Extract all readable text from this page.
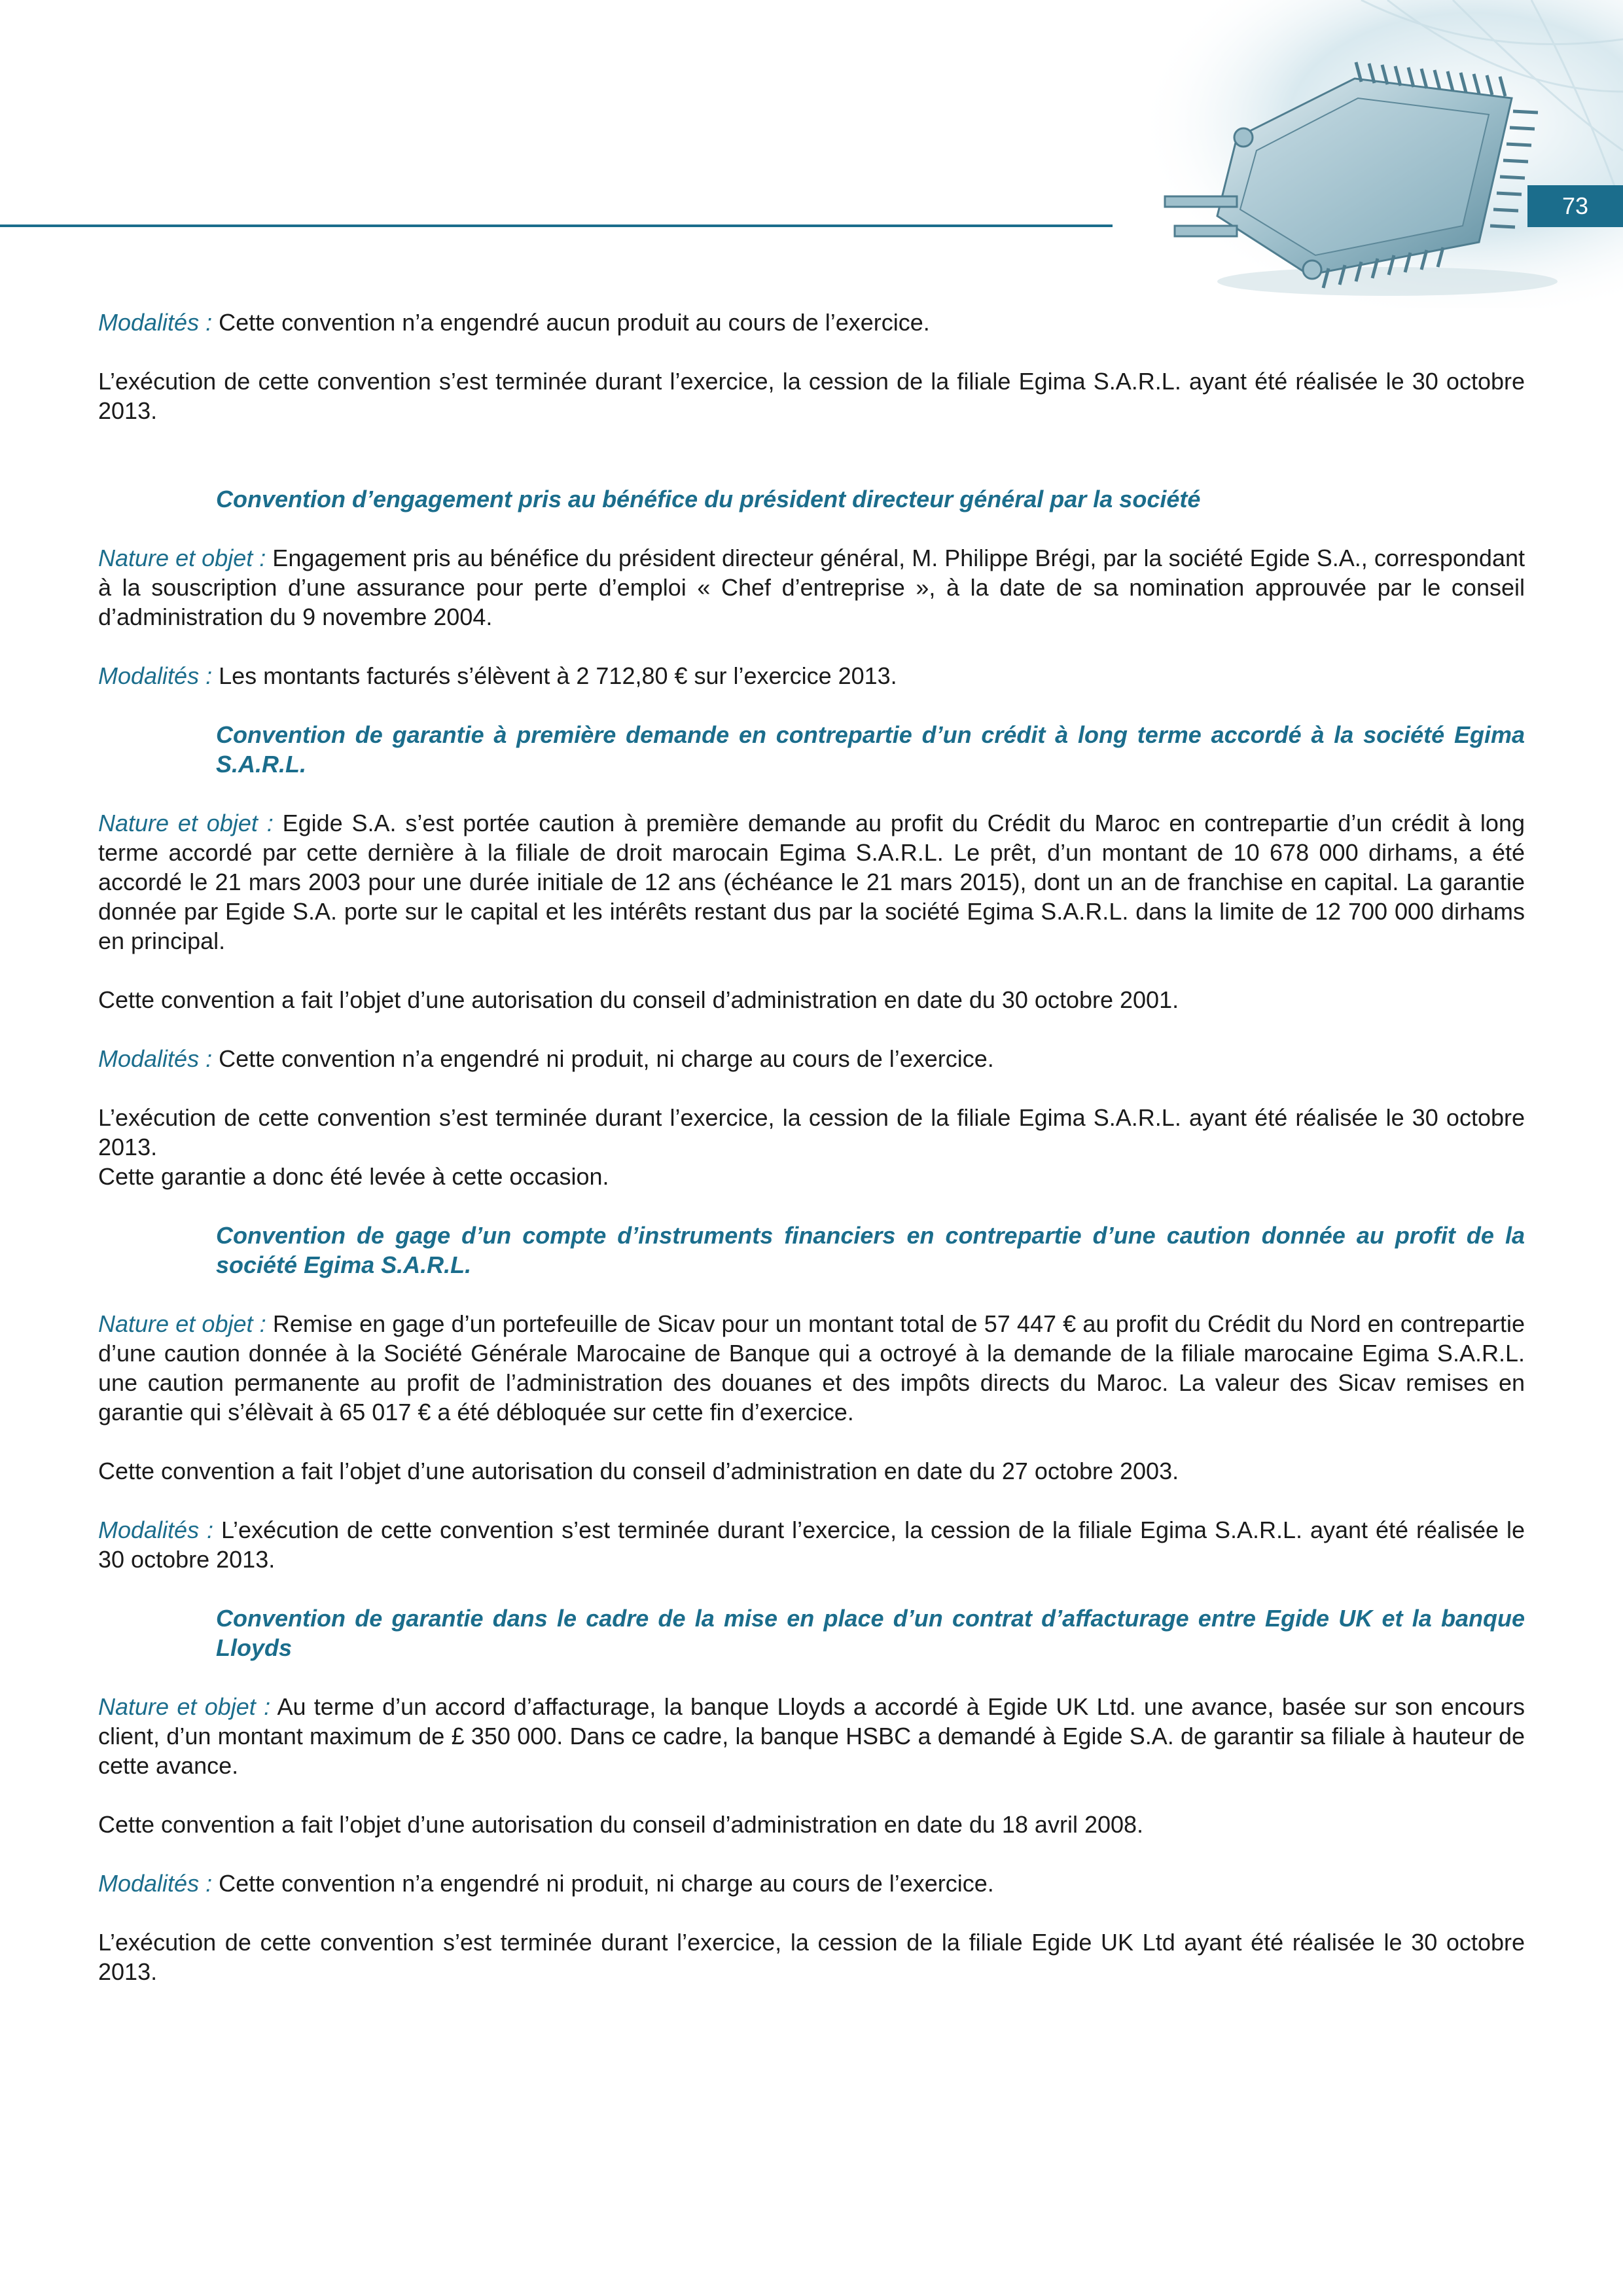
73

Modalités : Cette convention n’a engendré aucun produit au cours de l’exercice.

L’exécution de cette convention s’est terminée durant l’exercice, la cession de la filiale Egima S.A.R.L. ayant été réalisée le 30 octobre 2013.

Convention d’engagement pris au bénéfice du président directeur général par la société

Nature et objet : Engagement pris au bénéfice du président directeur général, M. Philippe Brégi, par la société Egide S.A., correspondant à la souscription d’une assurance pour perte d’emploi « Chef d’entreprise », à la date de sa nomination approuvée par le conseil d’administration du 9 novembre 2004.

Modalités : Les montants facturés s’élèvent à 2 712,80 € sur l’exercice 2013.

Convention de garantie à première demande en contrepartie d’un crédit à long terme accordé à la société Egima S.A.R.L.

Nature et objet : Egide S.A. s’est portée caution à première demande au profit du Crédit du Maroc en contrepartie d’un crédit à long terme accordé par cette dernière à la filiale de droit marocain Egima S.A.R.L. Le prêt, d’un montant de 10 678 000 dirhams, a été accordé le 21 mars 2003 pour une durée initiale de 12 ans (échéance le 21 mars 2015), dont un an de franchise en capital. La garantie donnée par Egide S.A. porte sur le capital et les intérêts restant dus par la société Egima S.A.R.L. dans la limite de 12 700 000 dirhams en principal.

Cette convention a fait l’objet d’une autorisation du conseil d’administration en date du 30 octobre 2001.

Modalités : Cette convention n’a engendré ni produit, ni charge au cours de l’exercice.

L’exécution de cette convention s’est terminée durant l’exercice, la cession de la filiale Egima S.A.R.L. ayant été réalisée le 30 octobre 2013.

Cette garantie a donc été levée à cette occasion.

Convention de gage d’un compte d’instruments financiers en contrepartie d’une caution donnée au profit de la société Egima S.A.R.L.

Nature et objet : Remise en gage d’un portefeuille de Sicav pour un montant total de 57 447 € au profit du Crédit du Nord en contrepartie d’une caution donnée à la Société Générale Marocaine de Banque qui a octroyé à la demande de la filiale marocaine Egima S.A.R.L. une caution permanente au profit de l’administration des douanes et des impôts directs du Maroc. La valeur des Sicav remises en garantie qui s’élèvait à 65 017 € a été débloquée sur cette fin d’exercice.

Cette convention a fait l’objet d’une autorisation du conseil d’administration en date du 27 octobre 2003.

Modalités : L’exécution de cette convention s’est terminée durant l’exercice, la cession de la filiale Egima S.A.R.L. ayant été réalisée le 30 octobre 2013.

Convention de garantie dans le cadre de la mise en place d’un contrat d’affacturage entre Egide UK et la banque Lloyds

Nature et objet : Au terme d’un accord d’affacturage, la banque Lloyds a accordé à Egide UK Ltd. une avance, basée sur son encours client, d’un montant maximum de £ 350 000. Dans ce cadre, la banque HSBC a demandé à Egide S.A. de garantir sa filiale à hauteur de cette avance.

Cette convention a fait l’objet d’une autorisation du conseil d’administration en date du 18 avril 2008.

Modalités : Cette convention n’a engendré ni produit, ni charge au cours de l’exercice.

L’exécution de cette convention s’est terminée durant l’exercice, la cession de la filiale Egide UK Ltd ayant été réalisée le 30 octobre 2013.
